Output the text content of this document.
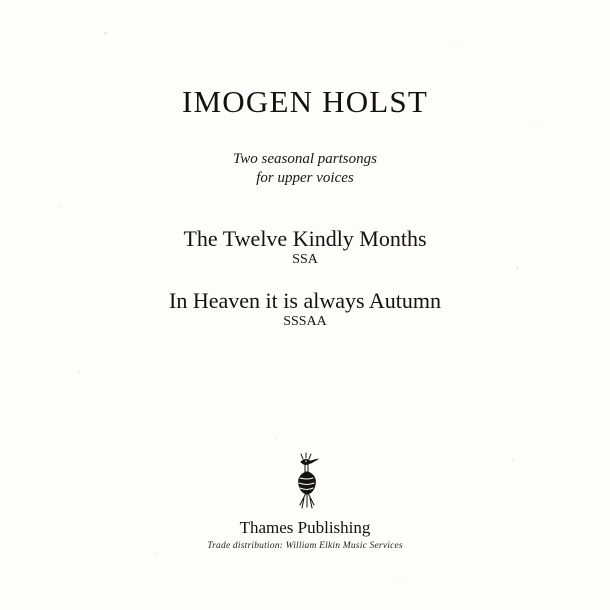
IMOGEN HOLST
Two seasonal partsongs
for upper voices
The Twelve Kindly Months
SSA
In Heaven it is always Autumn
SSSAA
Thames Publishing
Trade distribution: William Elkin Music Services
